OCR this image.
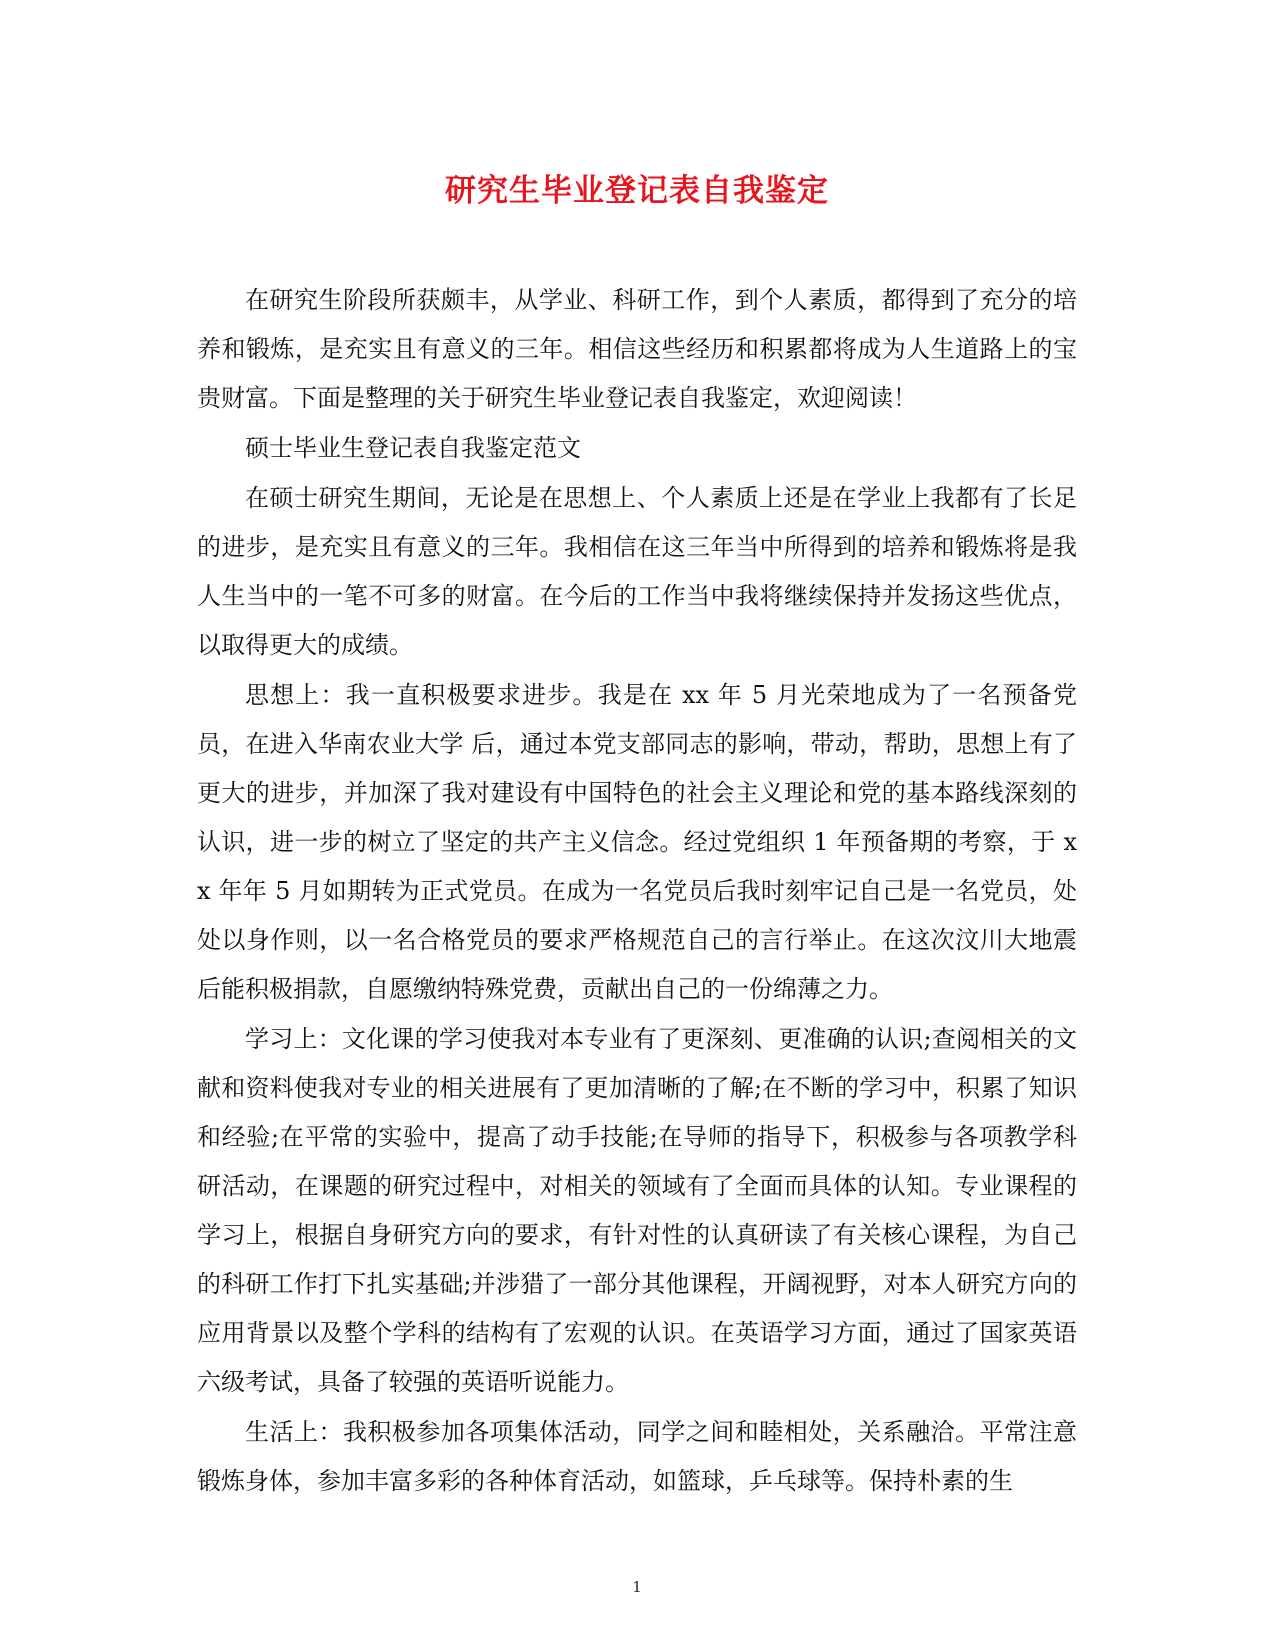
研究生毕业登记表自我鉴定

在研究生阶段所获颇丰，从学业、科研工作，到个人素质，都得到了充分的培养和锻炼，是充实且有意义的三年。相信这些经历和积累都将成为人生道路上的宝贵财富。下面是整理的关于研究生毕业登记表自我鉴定，欢迎阅读！

硕士毕业生登记表自我鉴定范文

在硕士研究生期间，无论是在思想上、个人素质上还是在学业上我都有了长足的进步，是充实且有意义的三年。我相信在这三年当中所得到的培养和锻炼将是我人生当中的一笔不可多的财富。在今后的工作当中我将继续保持并发扬这些优点，以取得更大的成绩。

思想上：我一直积极要求进步。我是在 xx 年 5 月光荣地成为了一名预备党员，在进入华南农业大学 后，通过本党支部同志的影响，带动，帮助，思想上有了更大的进步，并加深了我对建设有中国特色的社会主义理论和党的基本路线深刻的认识，进一步的树立了坚定的共产主义信念。经过党组织 1 年预备期的考察，于 xx 年年 5 月如期转为正式党员。在成为一名党员后我时刻牢记自己是一名党员，处处以身作则，以一名合格党员的要求严格规范自己的言行举止。在这次汶川大地震后能积极捐款，自愿缴纳特殊党费，贡献出自己的一份绵薄之力。

学习上：文化课的学习使我对本专业有了更深刻、更准确的认识;查阅相关的文献和资料使我对专业的相关进展有了更加清晰的了解;在不断的学习中，积累了知识和经验;在平常的实验中，提高了动手技能;在导师的指导下，积极参与各项教学科研活动，在课题的研究过程中，对相关的领域有了全面而具体的认知。专业课程的学习上，根据自身研究方向的要求，有针对性的认真研读了有关核心课程，为自己的科研工作打下扎实基础;并涉猎了一部分其他课程，开阔视野，对本人研究方向的应用背景以及整个学科的结构有了宏观的认识。在英语学习方面，通过了国家英语六级考试，具备了较强的英语听说能力。

生活上：我积极参加各项集体活动，同学之间和睦相处，关系融洽。平常注意锻炼身体，参加丰富多彩的各种体育活动，如篮球，乒乓球等。保持朴素的生

1
